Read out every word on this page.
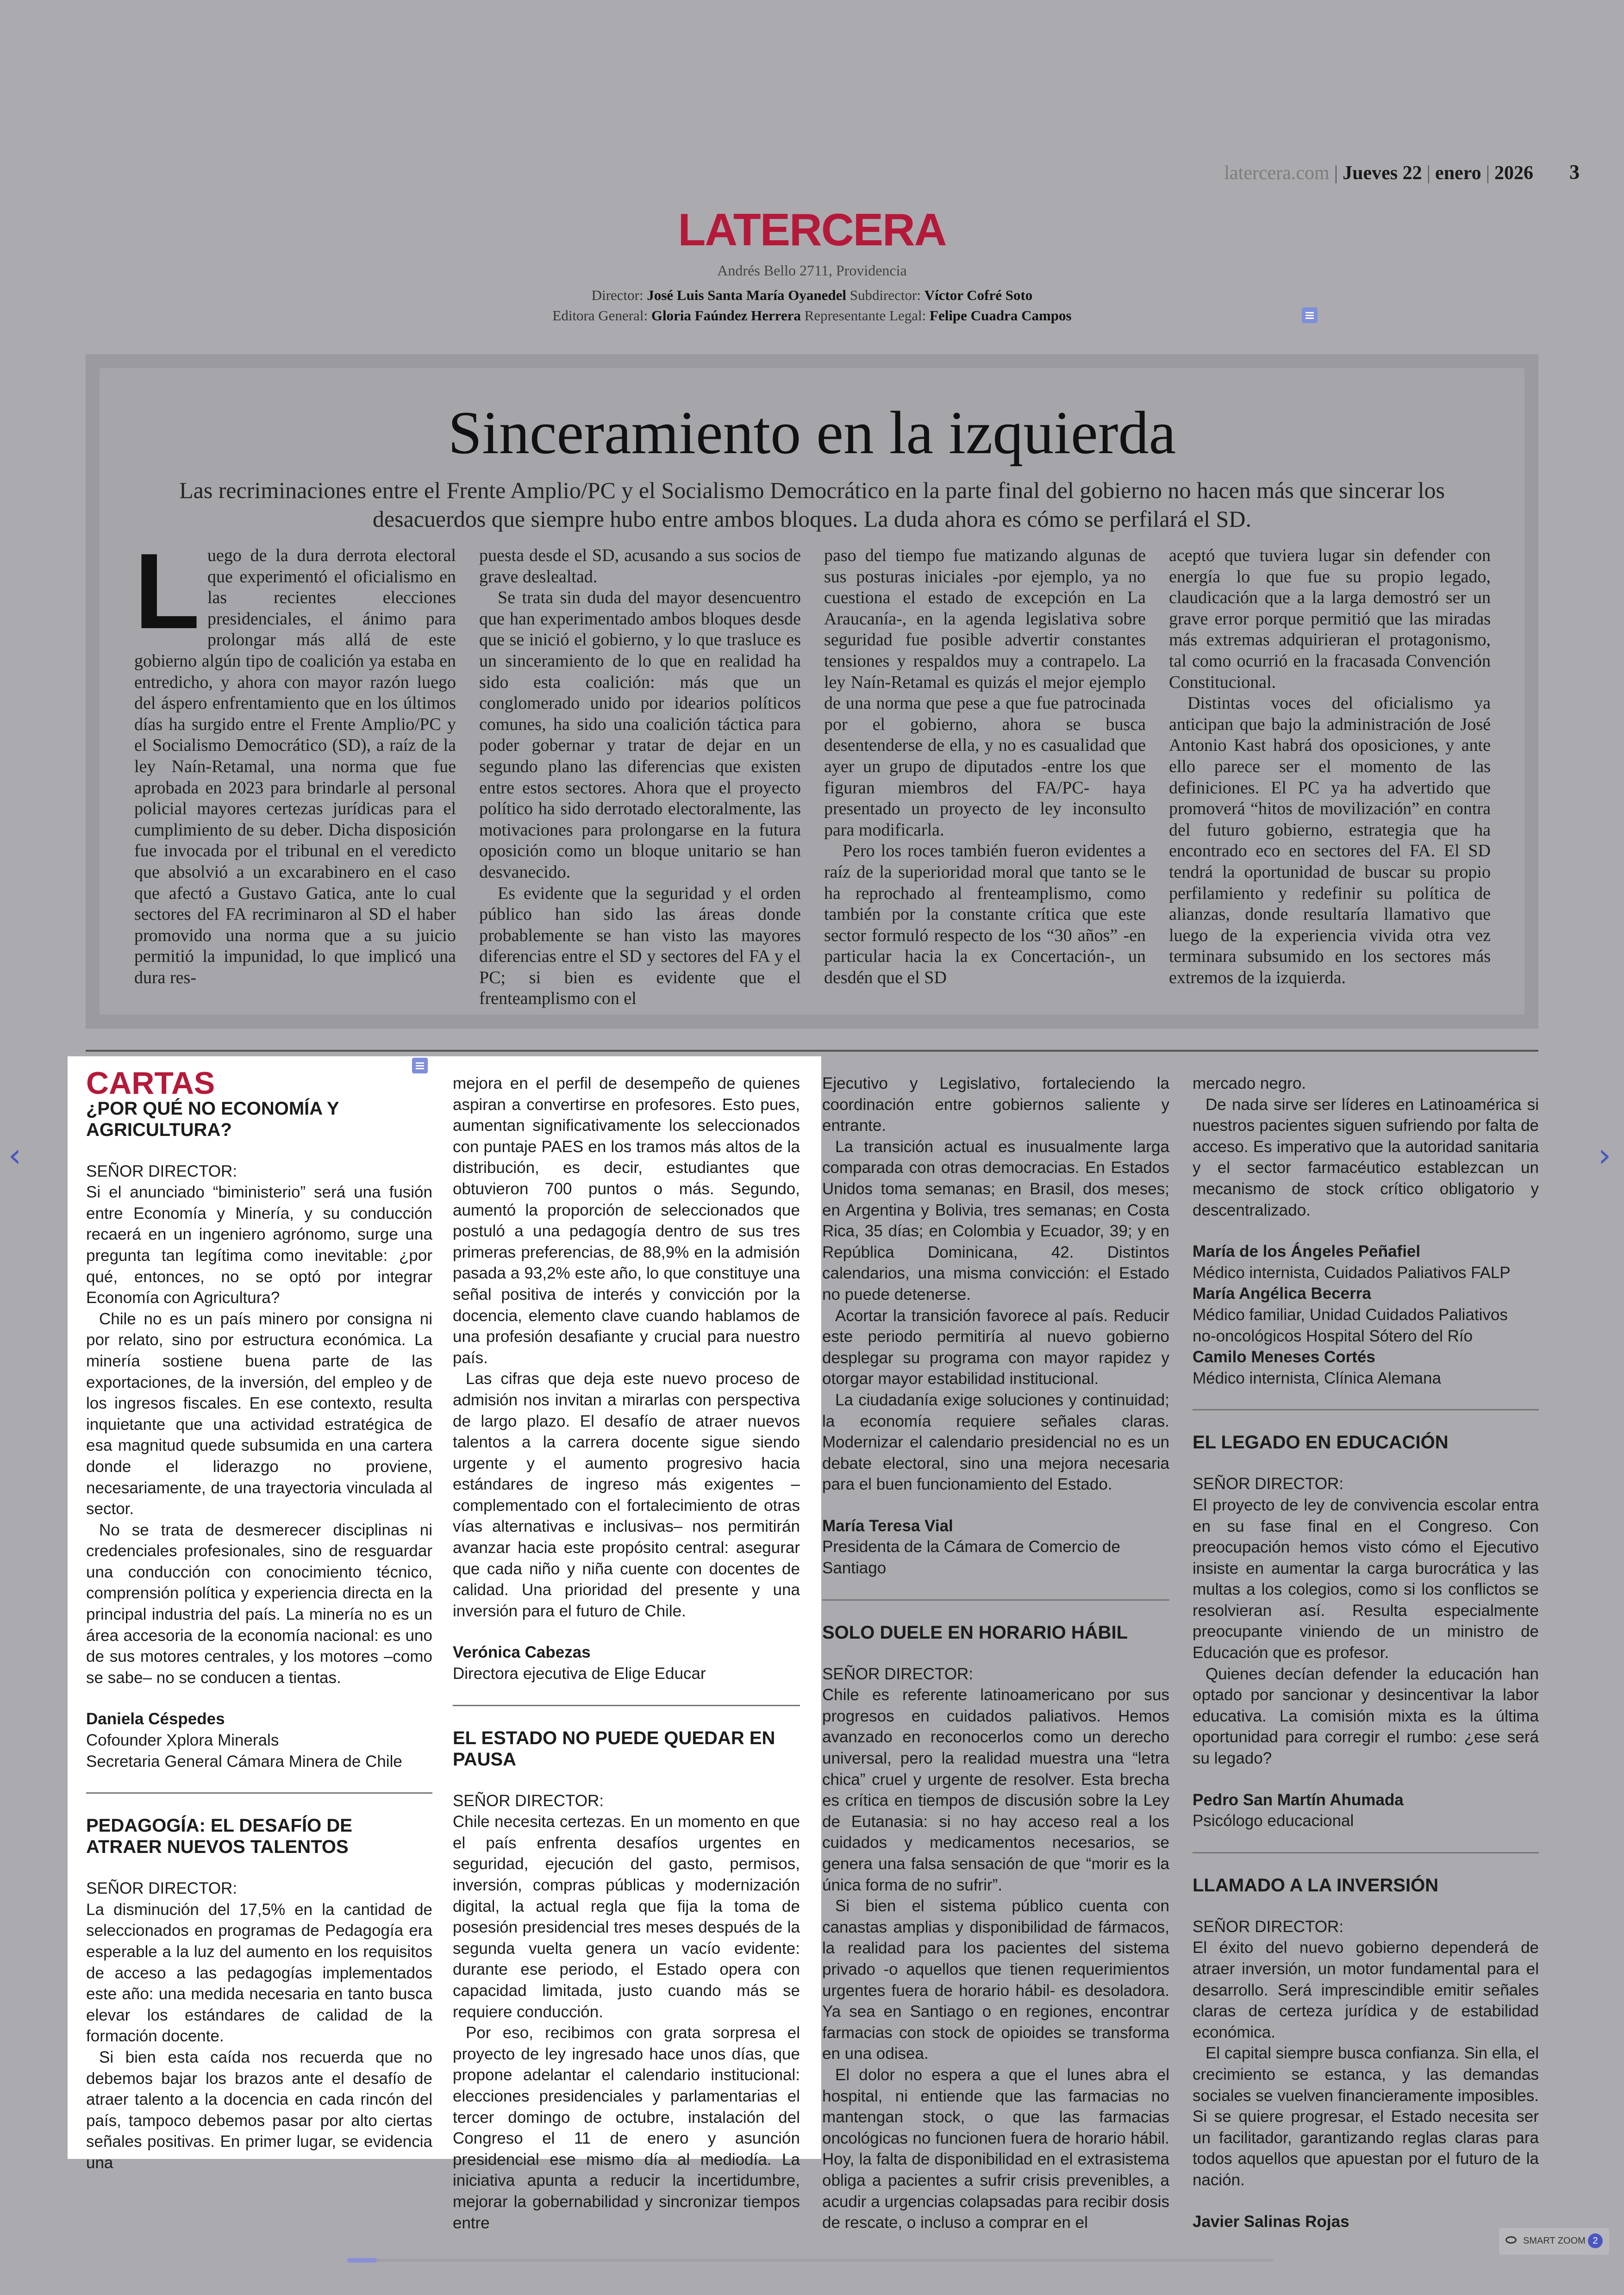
latercera.com | Jueves 22 | enero | 2026 3
LATERCERA
Andrés Bello 2711, Providencia
Director: José Luis Santa María Oyanedel Subdirector: Víctor Cofré Soto
Editora General: Gloria Faúndez Herrera Representante Legal: Felipe Cuadra Campos
Sinceramiento en la izquierda
Las recriminaciones entre el Frente Amplio/PC y el Socialismo Democrático en la parte final del gobierno no hacen más que sincerar los desacuerdos que siempre hubo entre ambos bloques. La duda ahora es cómo se perfilará el SD.
L uego de la dura derrota electoral que experimentó el oficialismo en las recientes elecciones presidenciales, el ánimo para prolongar más allá de este gobierno algún tipo de coalición ya estaba en entredicho, y ahora con mayor razón luego del áspero enfrentamiento que en los últimos días ha surgido entre el Frente Amplio/PC y el Socialismo Democrático (SD), a raíz de la ley Naín-Retamal, una norma que fue aprobada en 2023 para brindarle al personal policial mayores certezas jurídicas para el cumplimiento de su deber. Dicha disposición fue invocada por el tribunal en el veredicto que absolvió a un excarabinero en el caso que afectó a Gustavo Gatica, ante lo cual sectores del FA recriminaron al SD el haber promovido una norma que a su juicio permitió la impunidad, lo que implicó una dura res-

puesta desde el SD, acusando a sus socios de grave deslealtad.

Se trata sin duda del mayor desencuentro que han experimentado ambos bloques desde que se inició el gobierno, y lo que trasluce es un sinceramiento de lo que en realidad ha sido esta coalición: más que un conglomerado unido por idearios políticos comunes, ha sido una coalición táctica para poder gobernar y tratar de dejar en un segundo plano las diferencias que existen entre estos sectores. Ahora que el proyecto político ha sido derrotado electoralmente, las motivaciones para prolongarse en la futura oposición como un bloque unitario se han desvanecido.

Es evidente que la seguridad y el orden público han sido las áreas donde probablemente se han visto las mayores diferencias entre el SD y sectores del FA y el PC; si bien es evidente que el frenteamplismo con el

paso del tiempo fue matizando algunas de sus posturas iniciales -por ejemplo, ya no cuestiona el estado de excepción en La Araucanía-, en la agenda legislativa sobre seguridad fue posible advertir constantes tensiones y respaldos muy a contrapelo. La ley Naín-Retamal es quizás el mejor ejemplo de una norma que pese a que fue patrocinada por el gobierno, ahora se busca desentenderse de ella, y no es casualidad que ayer un grupo de diputados -entre los que figuran miembros del FA/PC- haya presentado un proyecto de ley inconsulto para modificarla.

Pero los roces también fueron evidentes a raíz de la superioridad moral que tanto se le ha reprochado al frenteamplismo, como también por la constante crítica que este sector formuló respecto de los “30 años” -en particular hacia la ex Concertación-, un desdén que el SD

aceptó que tuviera lugar sin defender con energía lo que fue su propio legado, claudicación que a la larga demostró ser un grave error porque permitió que las miradas más extremas adquirieran el protagonismo, tal como ocurrió en la fracasada Convención Constitucional.

Distintas voces del oficialismo ya anticipan que bajo la administración de José Antonio Kast habrá dos oposiciones, y ante ello parece ser el momento de las definiciones. El PC ya ha advertido que promoverá “hitos de movilización” en contra del futuro gobierno, estrategia que ha encontrado eco en sectores del FA. El SD tendrá la oportunidad de buscar su propio perfilamiento y redefinir su política de alianzas, donde resultaría llamativo que luego de la experiencia vivida otra vez terminara subsumido en los sectores más extremos de la izquierda.

CARTAS

¿POR QUÉ NO ECONOMÍA Y AGRICULTURA?

SEÑOR DIRECTOR:

Si el anunciado “biministerio” será una fusión entre Economía y Minería, y su conducción recaerá en un ingeniero agrónomo, surge una pregunta tan legítima como inevitable: ¿por qué, entonces, no se optó por integrar Economía con Agricultura?

Chile no es un país minero por consigna ni por relato, sino por estructura económica. La minería sostiene buena parte de las exportaciones, de la inversión, del empleo y de los ingresos fiscales. En ese contexto, resulta inquietante que una actividad estratégica de esa magnitud quede subsumida en una cartera donde el liderazgo no proviene, necesariamente, de una trayectoria vinculada al sector.

No se trata de desmerecer disciplinas ni credenciales profesionales, sino de resguardar una conducción con conocimiento técnico, comprensión política y experiencia directa en la principal industria del país. La minería no es un área accesoria de la economía nacional: es uno de sus motores centrales, y los motores –como se sabe– no se conducen a tientas.

Daniela Céspedes

Cofounder Xplora Minerals

Secretaria General Cámara Minera de Chile

PEDAGOGÍA: EL DESAFÍO DE ATRAER NUEVOS TALENTOS

SEÑOR DIRECTOR:

La disminución del 17,5% en la cantidad de seleccionados en programas de Pedagogía era esperable a la luz del aumento en los requisitos de acceso a las pedagogías implementados este año: una medida necesaria en tanto busca elevar los estándares de calidad de la formación docente.

Si bien esta caída nos recuerda que no debemos bajar los brazos ante el desafío de atraer talento a la docencia en cada rincón del país, tampoco debemos pasar por alto ciertas señales positivas. En primer lugar, se evidencia una

mejora en el perfil de desempeño de quienes aspiran a convertirse en profesores. Esto pues, aumentan significativamente los seleccionados con puntaje PAES en los tramos más altos de la distribución, es decir, estudiantes que obtuvieron 700 puntos o más. Segundo, aumentó la proporción de seleccionados que postuló a una pedagogía dentro de sus tres primeras preferencias, de 88,9% en la admisión pasada a 93,2% este año, lo que constituye una señal positiva de interés y convicción por la docencia, elemento clave cuando hablamos de una profesión desafiante y crucial para nuestro país.

Las cifras que deja este nuevo proceso de admisión nos invitan a mirarlas con perspectiva de largo plazo. El desafío de atraer nuevos talentos a la carrera docente sigue siendo urgente y el aumento progresivo hacia estándares de ingreso más exigentes –complementado con el fortalecimiento de otras vías alternativas e inclusivas– nos permitirán avanzar hacia este propósito central: asegurar que cada niño y niña cuente con docentes de calidad. Una prioridad del presente y una inversión para el futuro de Chile.

Verónica Cabezas

Directora ejecutiva de Elige Educar

EL ESTADO NO PUEDE QUEDAR EN PAUSA

SEÑOR DIRECTOR:

Chile necesita certezas. En un momento en que el país enfrenta desafíos urgentes en seguridad, ejecución del gasto, permisos, inversión, compras públicas y modernización digital, la actual regla que fija la toma de posesión presidencial tres meses después de la segunda vuelta genera un vacío evidente: durante ese periodo, el Estado opera con capacidad limitada, justo cuando más se requiere conducción.

Por eso, recibimos con grata sorpresa el proyecto de ley ingresado hace unos días, que propone adelantar el calendario institucional: elecciones presidenciales y parlamentarias el tercer domingo de octubre, instalación del Congreso el 11 de enero y asunción presidencial ese mismo día al mediodía. La iniciativa apunta a reducir la incertidumbre, mejorar la gobernabilidad y sincronizar tiempos entre

Ejecutivo y Legislativo, fortaleciendo la coordinación entre gobiernos saliente y entrante.

La transición actual es inusualmente larga comparada con otras democracias. En Estados Unidos toma semanas; en Brasil, dos meses; en Argentina y Bolivia, tres semanas; en Costa Rica, 35 días; en Colombia y Ecuador, 39; y en República Dominicana, 42. Distintos calendarios, una misma convicción: el Estado no puede detenerse.

Acortar la transición favorece al país. Reducir este periodo permitiría al nuevo gobierno desplegar su programa con mayor rapidez y otorgar mayor estabilidad institucional.

La ciudadanía exige soluciones y continuidad; la economía requiere señales claras. Modernizar el calendario presidencial no es un debate electoral, sino una mejora necesaria para el buen funcionamiento del Estado.

María Teresa Vial

Presidenta de la Cámara de Comercio de Santiago

SOLO DUELE EN HORARIO HÁBIL

SEÑOR DIRECTOR:

Chile es referente latinoamericano por sus progresos en cuidados paliativos. Hemos avanzado en reconocerlos como un derecho universal, pero la realidad muestra una “letra chica” cruel y urgente de resolver. Esta brecha es crítica en tiempos de discusión sobre la Ley de Eutanasia: si no hay acceso real a los cuidados y medicamentos necesarios, se genera una falsa sensación de que “morir es la única forma de no sufrir”.

Si bien el sistema público cuenta con canastas amplias y disponibilidad de fármacos, la realidad para los pacientes del sistema privado -o aquellos que tienen requerimientos urgentes fuera de horario hábil- es desoladora. Ya sea en Santiago o en regiones, encontrar farmacias con stock de opioides se transforma en una odisea.

El dolor no espera a que el lunes abra el hospital, ni entiende que las farmacias no mantengan stock, o que las farmacias oncológicas no funcionen fuera de horario hábil. Hoy, la falta de disponibilidad en el extrasistema obliga a pacientes a sufrir crisis prevenibles, a acudir a urgencias colapsadas para recibir dosis de rescate, o incluso a comprar en el

mercado negro.

De nada sirve ser líderes en Latinoamérica si nuestros pacientes siguen sufriendo por falta de acceso. Es imperativo que la autoridad sanitaria y el sector farmacéutico establezcan un mecanismo de stock crítico obligatorio y descentralizado.

María de los Ángeles Peñafiel

Médico internista, Cuidados Paliativos FALP

María Angélica Becerra

Médico familiar, Unidad Cuidados Paliativos

no-oncológicos Hospital Sótero del Río

Camilo Meneses Cortés

Médico internista, Clínica Alemana

EL LEGADO EN EDUCACIÓN

SEÑOR DIRECTOR:

El proyecto de ley de convivencia escolar entra en su fase final en el Congreso. Con preocupación hemos visto cómo el Ejecutivo insiste en aumentar la carga burocrática y las multas a los colegios, como si los conflictos se resolvieran así. Resulta especialmente preocupante viniendo de un ministro de Educación que es profesor.

Quienes decían defender la educación han optado por sancionar y desincentivar la labor educativa. La comisión mixta es la última oportunidad para corregir el rumbo: ¿ese será su legado?

Pedro San Martín Ahumada

Psicólogo educacional

LLAMADO A LA INVERSIÓN

SEÑOR DIRECTOR:

El éxito del nuevo gobierno dependerá de atraer inversión, un motor fundamental para el desarrollo. Será imprescindible emitir señales claras de certeza jurídica y de estabilidad económica.

El capital siempre busca confianza. Sin ella, el crecimiento se estanca, y las demandas sociales se vuelven financieramente imposibles. Si se quiere progresar, el Estado necesita ser un facilitador, garantizando reglas claras para todos aquellos que apuestan por el futuro de la nación.

Javier Salinas Rojas

‹	›
SMART ZOOM 2
